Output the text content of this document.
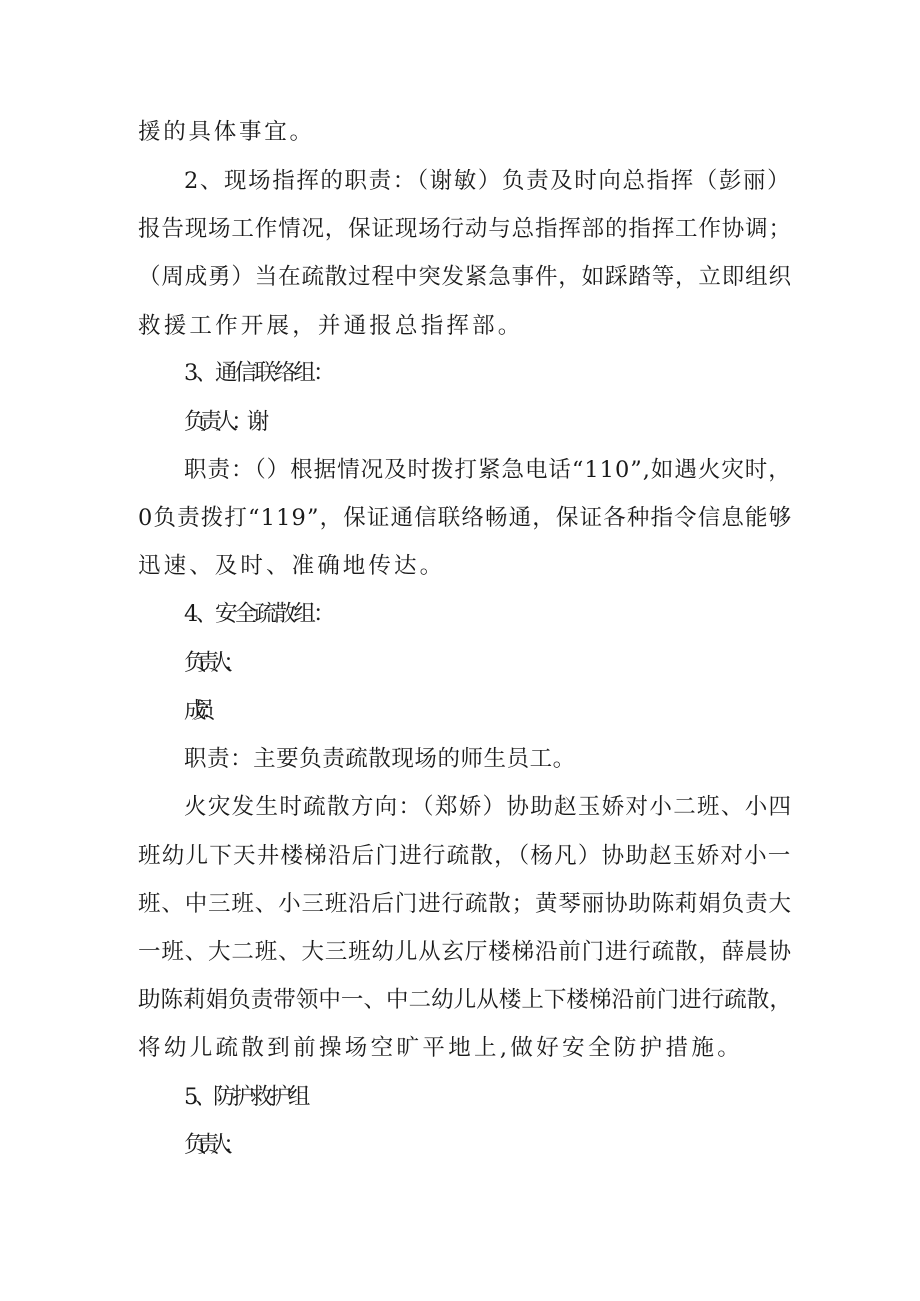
援的具体事宜。
2、现场指挥的职责：（谢敏）负责及时向总指挥（彭丽）
报告现场工作情况，保证现场行动与总指挥部的指挥工作协调；
（周成勇）当在疏散过程中突发紧急事件，如踩踏等，立即组织
救援工作开展，并通报总指挥部。
3、通信联络组：
负责人：谢
职责：（）根据情况及时拨打紧急电话“110”,如遇火灾时，
0负责拨打“119”，保证通信联络畅通，保证各种指令信息能够
迅速、及时、准确地传达。
4、安全疏散组：
负责人：
成员：
职责：主要负责疏散现场的师生员工。
火灾发生时疏散方向：（郑娇）协助赵玉娇对小二班、小四
班幼儿下天井楼梯沿后门进行疏散，（杨凡）协助赵玉娇对小一
班、中三班、小三班沿后门进行疏散；黄琴丽协助陈莉娟负责大
一班、大二班、大三班幼儿从玄厅楼梯沿前门进行疏散，薛晨协
助陈莉娟负责带领中一、中二幼儿从楼上下楼梯沿前门进行疏散，
将幼儿疏散到前操场空旷平地上,做好安全防护措施。
5、防护救护组
负责人：
